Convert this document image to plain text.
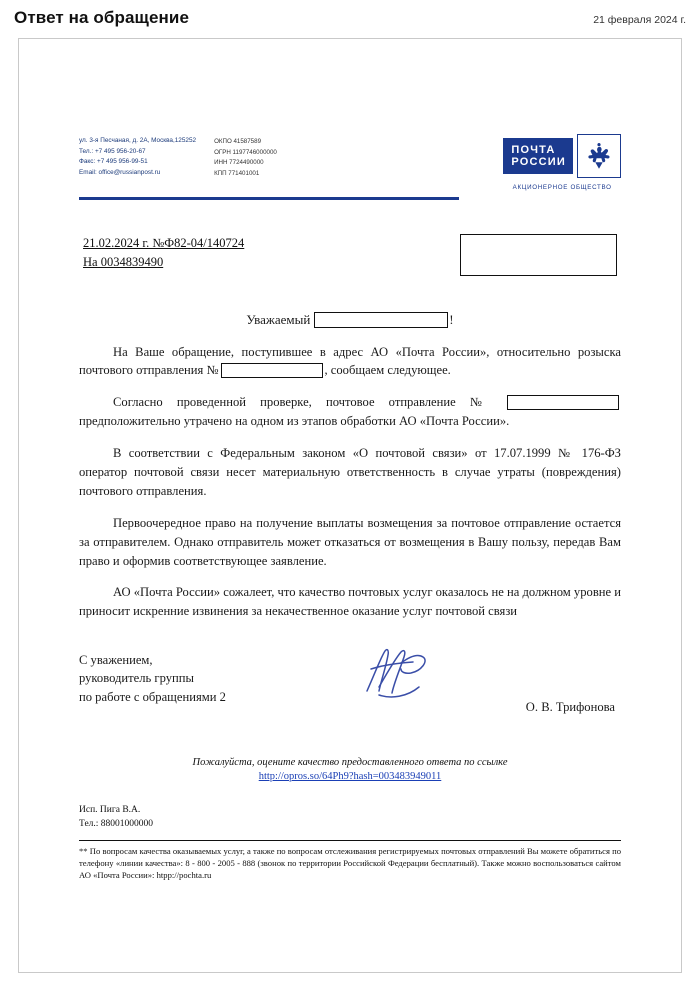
Ответ на обращение	21 февраля 2024 г.
ул. 3-я Песчаная, д. 2А, Москва,125252
Тел.: +7 495 956-20-67
Факс: +7 495 956-99-51
Email: office@russianpost.ru
ОКПО 41587589
ОГРН 1197746000000
ИНН 7724490000
КПП 771401001
ПОЧТА
РОССИИ
АКЦИОНЕРНОЕ ОБЩЕСТВО
21.02.2024 г. №Ф82-04/140724
На 0034839490
Уважаемый	!

На Ваше обращение, поступившее в адрес АО «Почта России», относительно розыска почтового отправления №	, сообщаем следующее.

Согласно проведенной проверке, почтовое отправление №  предположительно утрачено на одном из этапов обработки АО «Почта России».

В соответствии с Федеральным законом «О почтовой связи» от 17.07.1999 № 176-ФЗ оператор почтовой связи несет материальную ответственность в случае утраты (повреждения) почтового отправления.

Первоочередное право на получение выплаты возмещения за почтовое отправление остается за отправителем. Однако отправитель может отказаться от возмещения в Вашу пользу, передав Вам право и оформив соответствующее заявление.

АО «Почта России» сожалеет, что качество почтовых услуг оказалось не на должном уровне и приносит искренние извинения за некачественное оказание услуг почтовой связи

С уважением,
руководитель группы
по работе с обращениями 2
О. В. Трифонова
Пожалуйста, оцените качество предоставленного ответа по ссылке
http://opros.so/64Ph9?hash=003483949011
Исп. Пига В.А.
Тел.: 88001000000
** По вопросам качества оказываемых услуг, а также по вопросам отслеживания регистрируемых почтовых отправлений Вы можете обратиться по телефону «линии качества»: 8 - 800 - 2005 - 888 (звонок по территории Российской Федерации бесплатный). Также можно воспользоваться сайтом АО «Почта России»: htpp://pochta.ru
